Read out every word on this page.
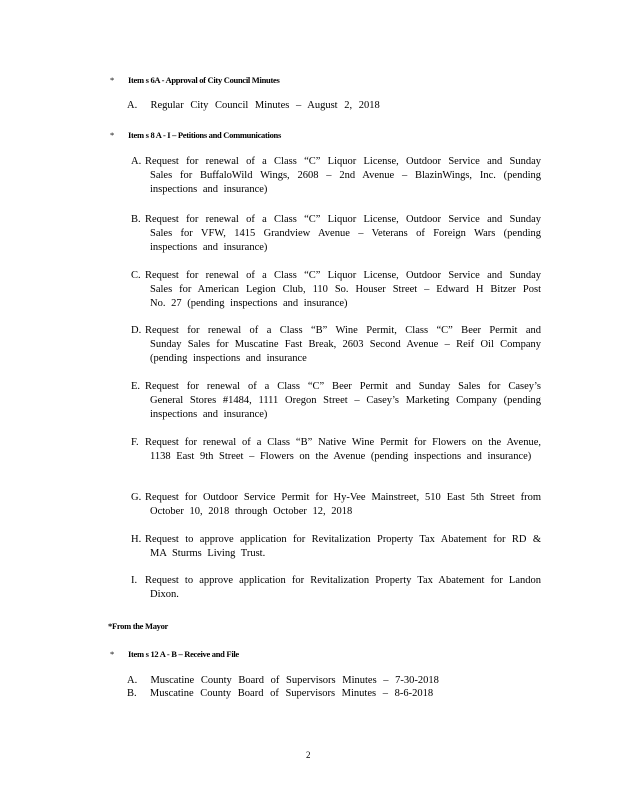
* Item s 6A - Approval of City Council Minutes
A. Regular City Council Minutes – August 2, 2018
* Item s 8 A - I – Petitions and Communications
A. Request for renewal of a Class “C” Liquor License, Outdoor Service and Sunday Sales for BuffaloWild Wings, 2608 – 2nd Avenue – BlazinWings, Inc. (pending inspections and insurance)
B. Request for renewal of a Class “C” Liquor License, Outdoor Service and Sunday Sales for VFW, 1415 Grandview Avenue – Veterans of Foreign Wars (pending inspections and insurance)
C. Request for renewal of a Class “C” Liquor License, Outdoor Service and Sunday Sales for American Legion Club, 110 So. Houser Street – Edward H Bitzer Post No. 27 (pending inspections and insurance)
D. Request for renewal of a Class “B” Wine Permit, Class “C” Beer Permit and Sunday Sales for Muscatine Fast Break, 2603 Second Avenue – Reif Oil Company (pending inspections and insurance
E. Request for renewal of a Class “C” Beer Permit and Sunday Sales for Casey’s General Stores #1484, 1111 Oregon Street – Casey’s Marketing Company (pending inspections and insurance)
F. Request for renewal of a Class “B” Native Wine Permit for Flowers on the Avenue, 1138 East 9th Street – Flowers on the Avenue (pending inspections and insurance)
G. Request for Outdoor Service Permit for Hy-Vee Mainstreet, 510 East 5th Street from October 10, 2018 through October 12, 2018
H. Request to approve application for Revitalization Property Tax Abatement for RD & MA Sturms Living Trust.
I. Request to approve application for Revitalization Property Tax Abatement for Landon Dixon.
*From the Mayor
* Item s 12 A - B – Receive and File
A. Muscatine County Board of Supervisors Minutes – 7-30-2018
B. Muscatine County Board of Supervisors Minutes – 8-6-2018
2
